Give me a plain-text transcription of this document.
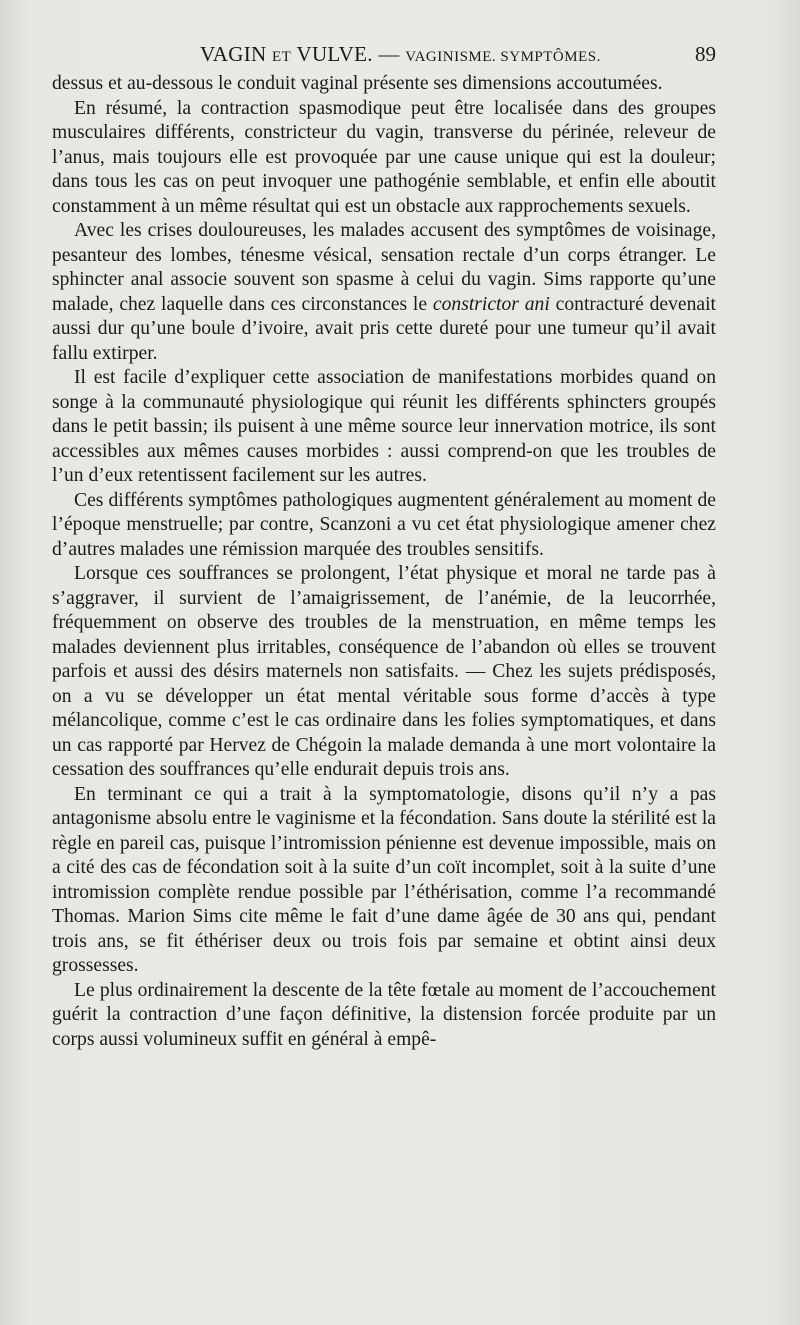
VAGIN ET VULVE. — VAGINISME. SYMPTÔMES.	89

dessus et au-dessous le conduit vaginal présente ses dimensions accoutumées.

En résumé, la contraction spasmodique peut être localisée dans des groupes musculaires différents, constricteur du vagin, transverse du périnée, releveur de l’anus, mais toujours elle est provoquée par une cause unique qui est la douleur; dans tous les cas on peut invoquer une pathogénie semblable, et enfin elle aboutit constamment à un même résultat qui est un obstacle aux rapprochements sexuels.

Avec les crises douloureuses, les malades accusent des symptômes de voisinage, pesanteur des lombes, ténesme vésical, sensation rectale d’un corps étranger. Le sphincter anal associe souvent son spasme à celui du vagin. Sims rapporte qu’une malade, chez laquelle dans ces circonstances le constrictor ani contracturé devenait aussi dur qu’une boule d’ivoire, avait pris cette dureté pour une tumeur qu’il avait fallu extirper.

Il est facile d’expliquer cette association de manifestations morbides quand on songe à la communauté physiologique qui réunit les différents sphincters groupés dans le petit bassin; ils puisent à une même source leur innervation motrice, ils sont accessibles aux mêmes causes morbides : aussi comprend-on que les troubles de l’un d’eux retentissent facilement sur les autres.

Ces différents symptômes pathologiques augmentent généralement au moment de l’époque menstruelle; par contre, Scanzoni a vu cet état physiologique amener chez d’autres malades une rémission marquée des troubles sensitifs.

Lorsque ces souffrances se prolongent, l’état physique et moral ne tarde pas à s’aggraver, il survient de l’amaigrissement, de l’anémie, de la leucorrhée, fréquemment on observe des troubles de la menstruation, en même temps les malades deviennent plus irritables, conséquence de l’abandon où elles se trouvent parfois et aussi des désirs maternels non satisfaits. — Chez les sujets prédisposés, on a vu se développer un état mental véritable sous forme d’accès à type mélancolique, comme c’est le cas ordinaire dans les folies symptomatiques, et dans un cas rapporté par Hervez de Chégoin la malade demanda à une mort volontaire la cessation des souffrances qu’elle endurait depuis trois ans.

En terminant ce qui a trait à la symptomatologie, disons qu’il n’y a pas antagonisme absolu entre le vaginisme et la fécondation. Sans doute la stérilité est la règle en pareil cas, puisque l’intromission pénienne est devenue impossible, mais on a cité des cas de fécondation soit à la suite d’un coït incomplet, soit à la suite d’une intromission complète rendue possible par l’éthérisation, comme l’a recommandé Thomas. Marion Sims cite même le fait d’une dame âgée de 30 ans qui, pendant trois ans, se fit éthériser deux ou trois fois par semaine et obtint ainsi deux grossesses.

Le plus ordinairement la descente de la tête fœtale au moment de l’accouchement guérit la contraction d’une façon définitive, la distension forcée produite par un corps aussi volumineux suffit en général à empê-
